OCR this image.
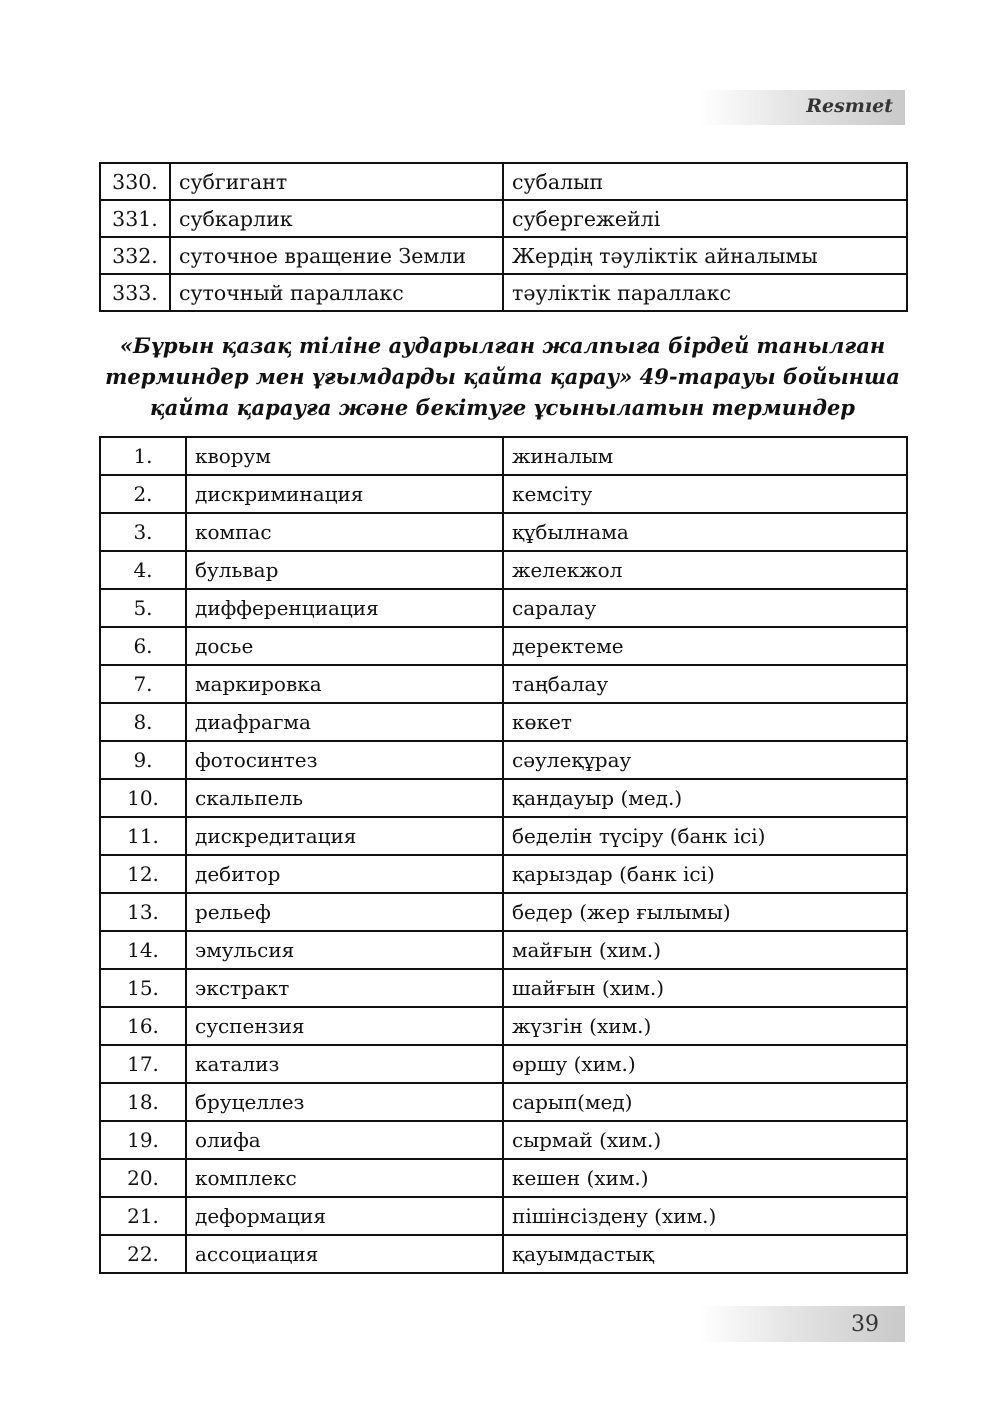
Resmıet
330.	субгигант	субалып
331.	субкарлик	субергежейлі
332.	суточное вращение Земли	Жердің тәуліктік айналымы
333.	суточный параллакс	тәуліктік параллакс
«Бұрын қазақ тіліне аударылған жалпыға бірдей танылған
терминдер мен ұғымдарды қайта қарау» 49-тарауы бойынша
қайта қарауға және бекітуге ұсынылатын терминдер
1.	кворум	жиналым
2.	дискриминация	кемсіту
3.	компас	құбылнама
4.	бульвар	желекжол
5.	дифференциация	саралау
6.	досье	деректеме
7.	маркировка	таңбалау
8.	диафрагма	көкет
9.	фотосинтез	сәулеқұрау
10.	скальпель	қандауыр (мед.)
11.	дискредитация	беделін түсіру (банк ісі)
12.	дебитор	қарыздар (банк ісі)
13.	рельеф	бедер (жер ғылымы)
14.	эмульсия	майғын (хим.)
15.	экстракт	шайғын (хим.)
16.	суспензия	жүзгін (хим.)
17.	катализ	өршу (хим.)
18.	бруцеллез	сарып(мед)
19.	олифа	сырмай (хим.)
20.	комплекс	кешен (хим.)
21.	деформация	пішінсіздену (хим.)
22.	ассоциация	қауымдастық
39
